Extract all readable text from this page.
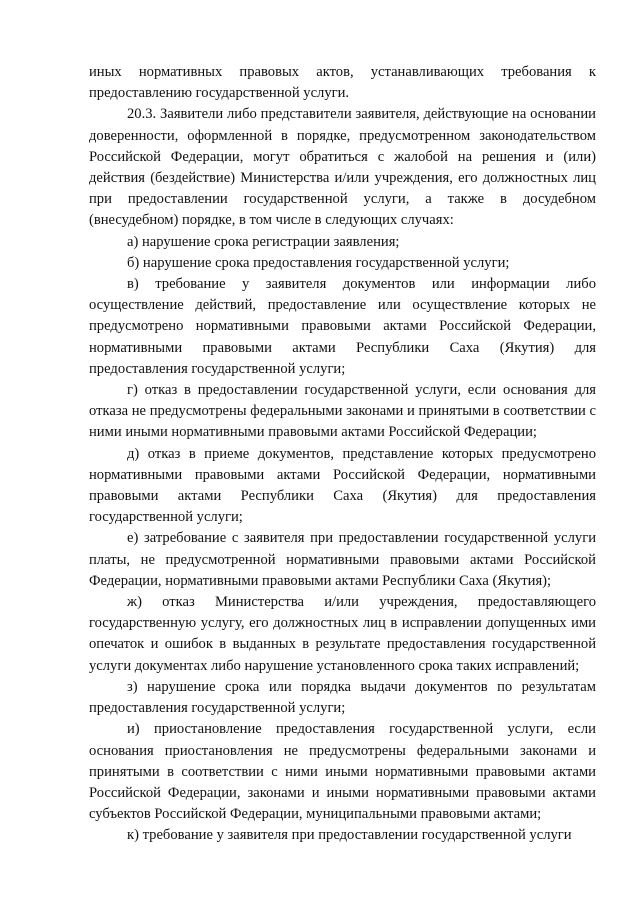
иных нормативных правовых актов, устанавливающих требования к предоставлению государственной услуги.

20.3. Заявители либо представители заявителя, действующие на основании доверенности, оформленной в порядке, предусмотренном законодательством Российской Федерации, могут обратиться с жалобой на решения и (или) действия (бездействие) Министерства и/или учреждения, его должностных лиц при предоставлении государственной услуги, а также в досудебном (внесудебном) порядке, в том числе в следующих случаях:

а) нарушение срока регистрации заявления;

б) нарушение срока предоставления государственной услуги;

в) требование у заявителя документов или информации либо осуществление действий, предоставление или осуществление которых не предусмотрено нормативными правовыми актами Российской Федерации, нормативными правовыми актами Республики Саха (Якутия) для предоставления государственной услуги;

г) отказ в предоставлении государственной услуги, если основания для отказа не предусмотрены федеральными законами и принятыми в соответствии с ними иными нормативными правовыми актами Российской Федерации;

д) отказ в приеме документов, представление которых предусмотрено нормативными правовыми актами Российской Федерации, нормативными правовыми актами Республики Саха (Якутия) для предоставления государственной услуги;

е) затребование с заявителя при предоставлении государственной услуги платы, не предусмотренной нормативными правовыми актами Российской Федерации, нормативными правовыми актами Республики Саха (Якутия);

ж) отказ Министерства и/или учреждения, предоставляющего государственную услугу, его должностных лиц в исправлении допущенных ими опечаток и ошибок в выданных в результате предоставления государственной услуги документах либо нарушение установленного срока таких исправлений;

з) нарушение срока или порядка выдачи документов по результатам предоставления государственной услуги;

и) приостановление предоставления государственной услуги, если основания приостановления не предусмотрены федеральными законами и принятыми в соответствии с ними иными нормативными правовыми актами Российской Федерации, законами и иными нормативными правовыми актами субъектов Российской Федерации, муниципальными правовыми актами;

к) требование у заявителя при предоставлении государственной услуги
